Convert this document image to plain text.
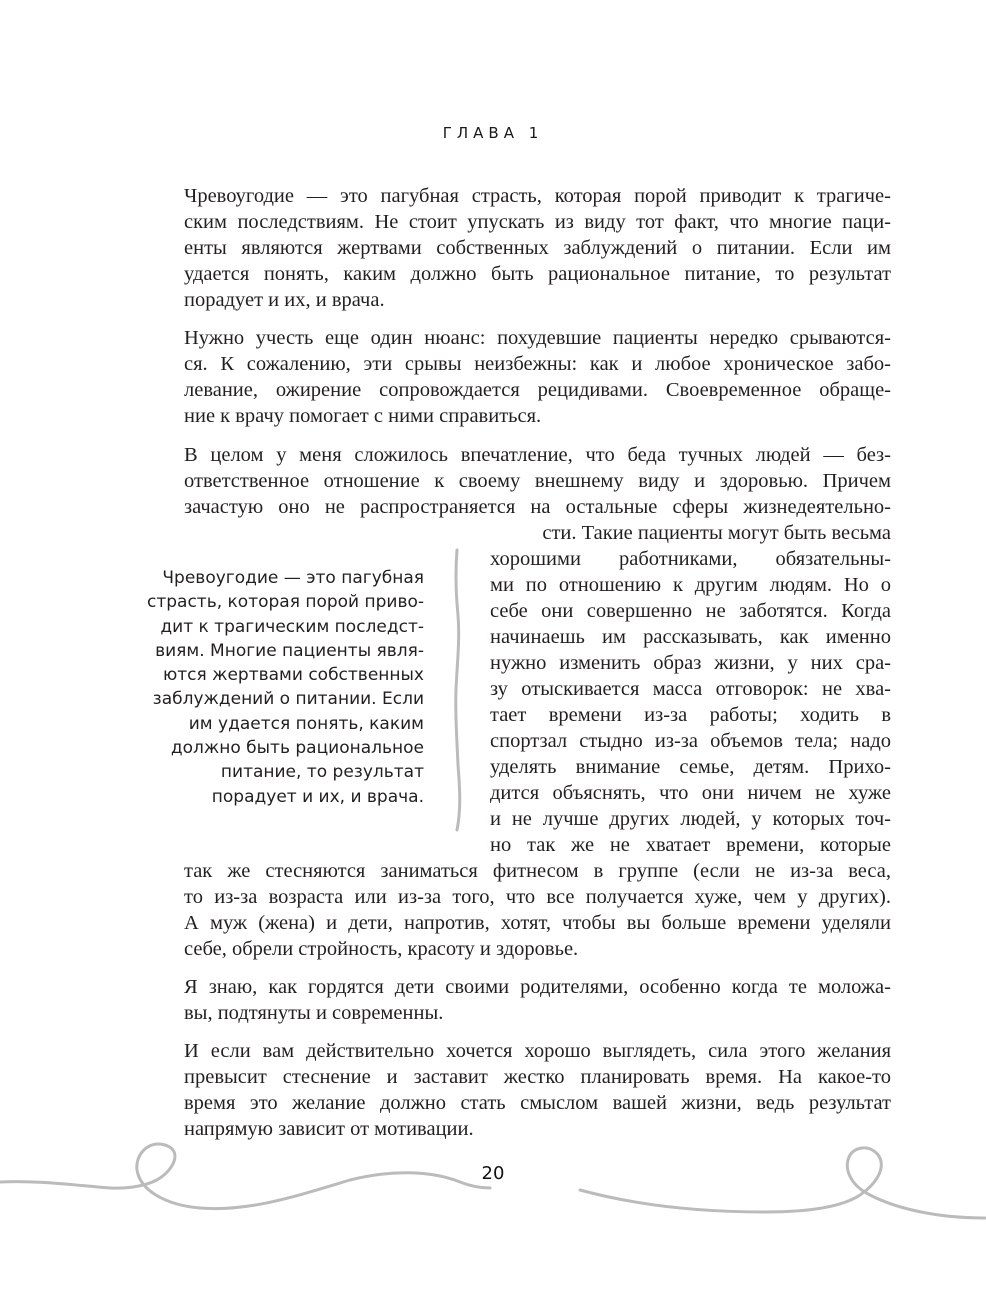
ГЛАВА 1
Чревоугодие — это пагубная страсть, которая порой приводит к трагиче-
ским последствиям. Не стоит упускать из виду тот факт, что многие паци-
енты являются жертвами собственных заблуждений о питании. Если им
удается понять, каким должно быть рациональное питание, то результат
порадует и их, и врача.
Нужно учесть еще один нюанс: похудевшие пациенты нередко срываются-
ся. К сожалению, эти срывы неизбежны: как и любое хроническое забо-
левание, ожирение сопровождается рецидивами. Своевременное обраще-
ние к врачу помогает с ними справиться.
В целом у меня сложилось впечатление, что беда тучных людей — без-
ответственное отношение к своему внешнему виду и здоровью. Причем
зачастую оно не распространяется на остальные сферы жизнедеятельно-
сти. Такие пациенты могут быть весьма
хорошими работниками, обязательны-
ми по отношению к другим людям. Но о
себе они совершенно не заботятся. Когда
начинаешь им рассказывать, как именно
нужно изменить образ жизни, у них сра-
зу отыскивается масса отговорок: не хва-
тает времени из-за работы; ходить в
спортзал стыдно из-за объемов тела; надо
уделять внимание семье, детям. Прихо-
дится объяснять, что они ничем не хуже
и не лучше других людей, у которых точ-
но так же не хватает времени, которые
так же стесняются заниматься фитнесом в группе (если не из-за веса,
то из-за возраста или из-за того, что все получается хуже, чем у других).
А муж (жена) и дети, напротив, хотят, чтобы вы больше времени уделяли
себе, обрели стройность, красоту и здоровье.
Я знаю, как гордятся дети своими родителями, особенно когда те моложа-
вы, подтянуты и современны.
И если вам действительно хочется хорошо выглядеть, сила этого желания
превысит стеснение и заставит жестко планировать время. На какое-то
время это желание должно стать смыслом вашей жизни, ведь результат
напрямую зависит от мотивации.
Чревоугодие — это пагубная
страсть, которая порой приво-
дит к трагическим последст-
виям. Многие пациенты явля-
ются жертвами собственных
заблуждений о питании. Если
им удается понять, каким
должно быть рациональное
питание, то результат
порадует и их, и врача.
20
